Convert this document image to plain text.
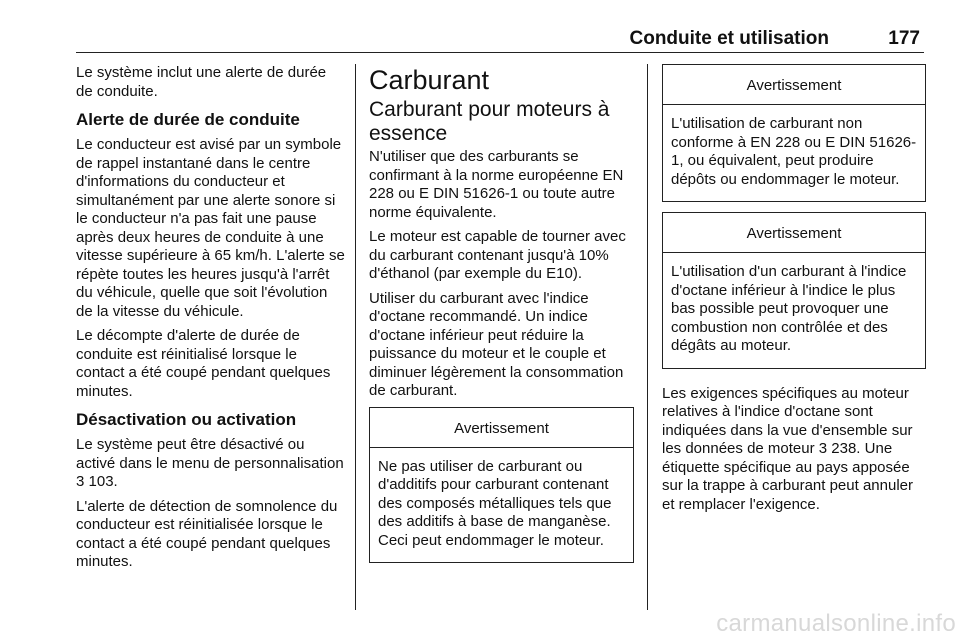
Conduite et utilisation	177

Le système inclut une alerte de durée de conduite.

Alerte de durée de conduite

Le conducteur est avisé par un symbole de rappel instantané dans le centre d'informations du conducteur et simultanément par une alerte sonore si le conducteur n'a pas fait une pause après deux heures de conduite à une vitesse supérieure à 65 km/h. L'alerte se répète toutes les heures jusqu'à l'arrêt du véhicule, quelle que soit l'évolution de la vitesse du véhicule.

Le décompte d'alerte de durée de conduite est réinitialisé lorsque le contact a été coupé pendant quelques minutes.

Désactivation ou activation

Le système peut être désactivé ou activé dans le menu de personnalisation 3 103.

L'alerte de détection de somnolence du conducteur est réinitialisée lorsque le contact a été coupé pendant quelques minutes.

Carburant
Carburant pour moteurs à essence

N'utiliser que des carburants se confirmant à la norme européenne EN 228 ou E DIN 51626-1 ou toute autre norme équivalente.

Le moteur est capable de tourner avec du carburant contenant jusqu'à 10% d'éthanol (par exemple du E10).

Utiliser du carburant avec l'indice d'octane recommandé. Un indice d'octane inférieur peut réduire la puissance du moteur et le couple et diminuer légèrement la consommation de carburant.

Avertissement
Ne pas utiliser de carburant ou d'additifs pour carburant contenant des composés métalliques tels que des additifs à base de manganèse. Ceci peut endommager le moteur.
Avertissement
L'utilisation de carburant non conforme à EN 228 ou E DIN 51626-1, ou équivalent, peut produire dépôts ou endommager le moteur.
Avertissement
L'utilisation d'un carburant à l'indice d'octane inférieur à l'indice le plus bas possible peut provoquer une combustion non contrôlée et des dégâts au moteur.

Les exigences spécifiques au moteur relatives à l'indice d'octane sont indiquées dans la vue d'ensemble sur les données de moteur 3 238. Une étiquette spécifique au pays apposée sur la trappe à carburant peut annuler et remplacer l'exigence.

carmanualsonline.info
